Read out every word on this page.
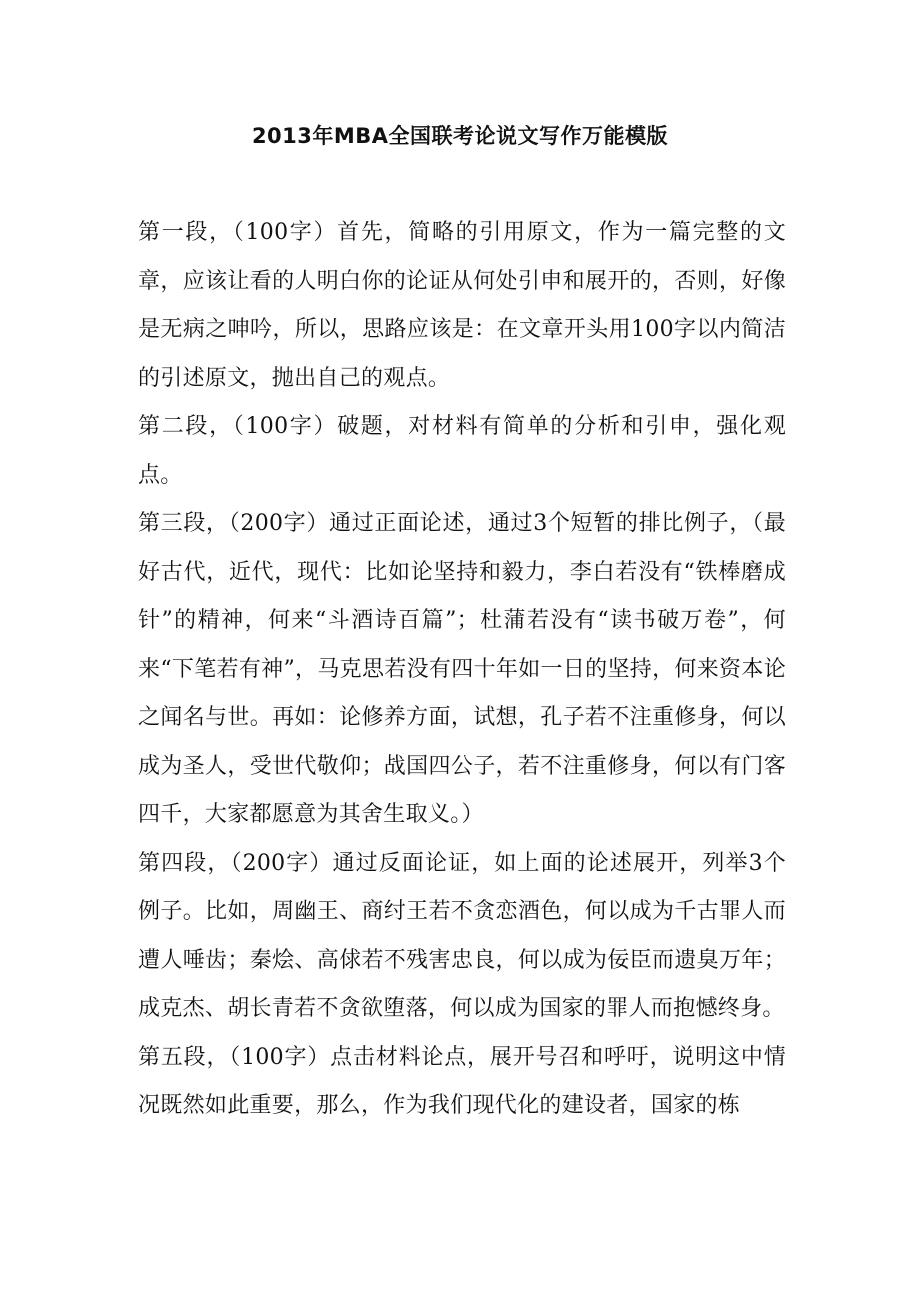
2013年MBA全国联考论说文写作万能模版

第一段，（100字）首先，简略的引用原文，作为一篇完整的文章，应该让看的人明白你的论证从何处引申和展开的，否则，好像是无病之呻吟，所以，思路应该是：在文章开头用100字以内简洁的引述原文，抛出自己的观点。

第二段，（100字）破题，对材料有简单的分析和引申，强化观点。

第三段，（200字）通过正面论述，通过3个短暂的排比例子，（最好古代，近代，现代：比如论坚持和毅力，李白若没有“铁棒磨成针”的精神，何来“斗酒诗百篇”；杜蒲若没有“读书破万卷”，何来“下笔若有神”，马克思若没有四十年如一日的坚持，何来资本论之闻名与世。再如：论修养方面，试想，孔子若不注重修身，何以成为圣人，受世代敬仰；战国四公子，若不注重修身，何以有门客四千，大家都愿意为其舍生取义。）

第四段，（200字）通过反面论证，如上面的论述展开，列举3个例子。比如，周幽王、商纣王若不贪恋酒色，何以成为千古罪人而遭人唾齿；秦烩、高俅若不残害忠良，何以成为佞臣而遗臭万年；成克杰、胡长青若不贪欲堕落，何以成为国家的罪人而抱憾终身。

第五段，（100字）点击材料论点，展开号召和呼吁，说明这中情况既然如此重要，那么，作为我们现代化的建设者，国家的栋
